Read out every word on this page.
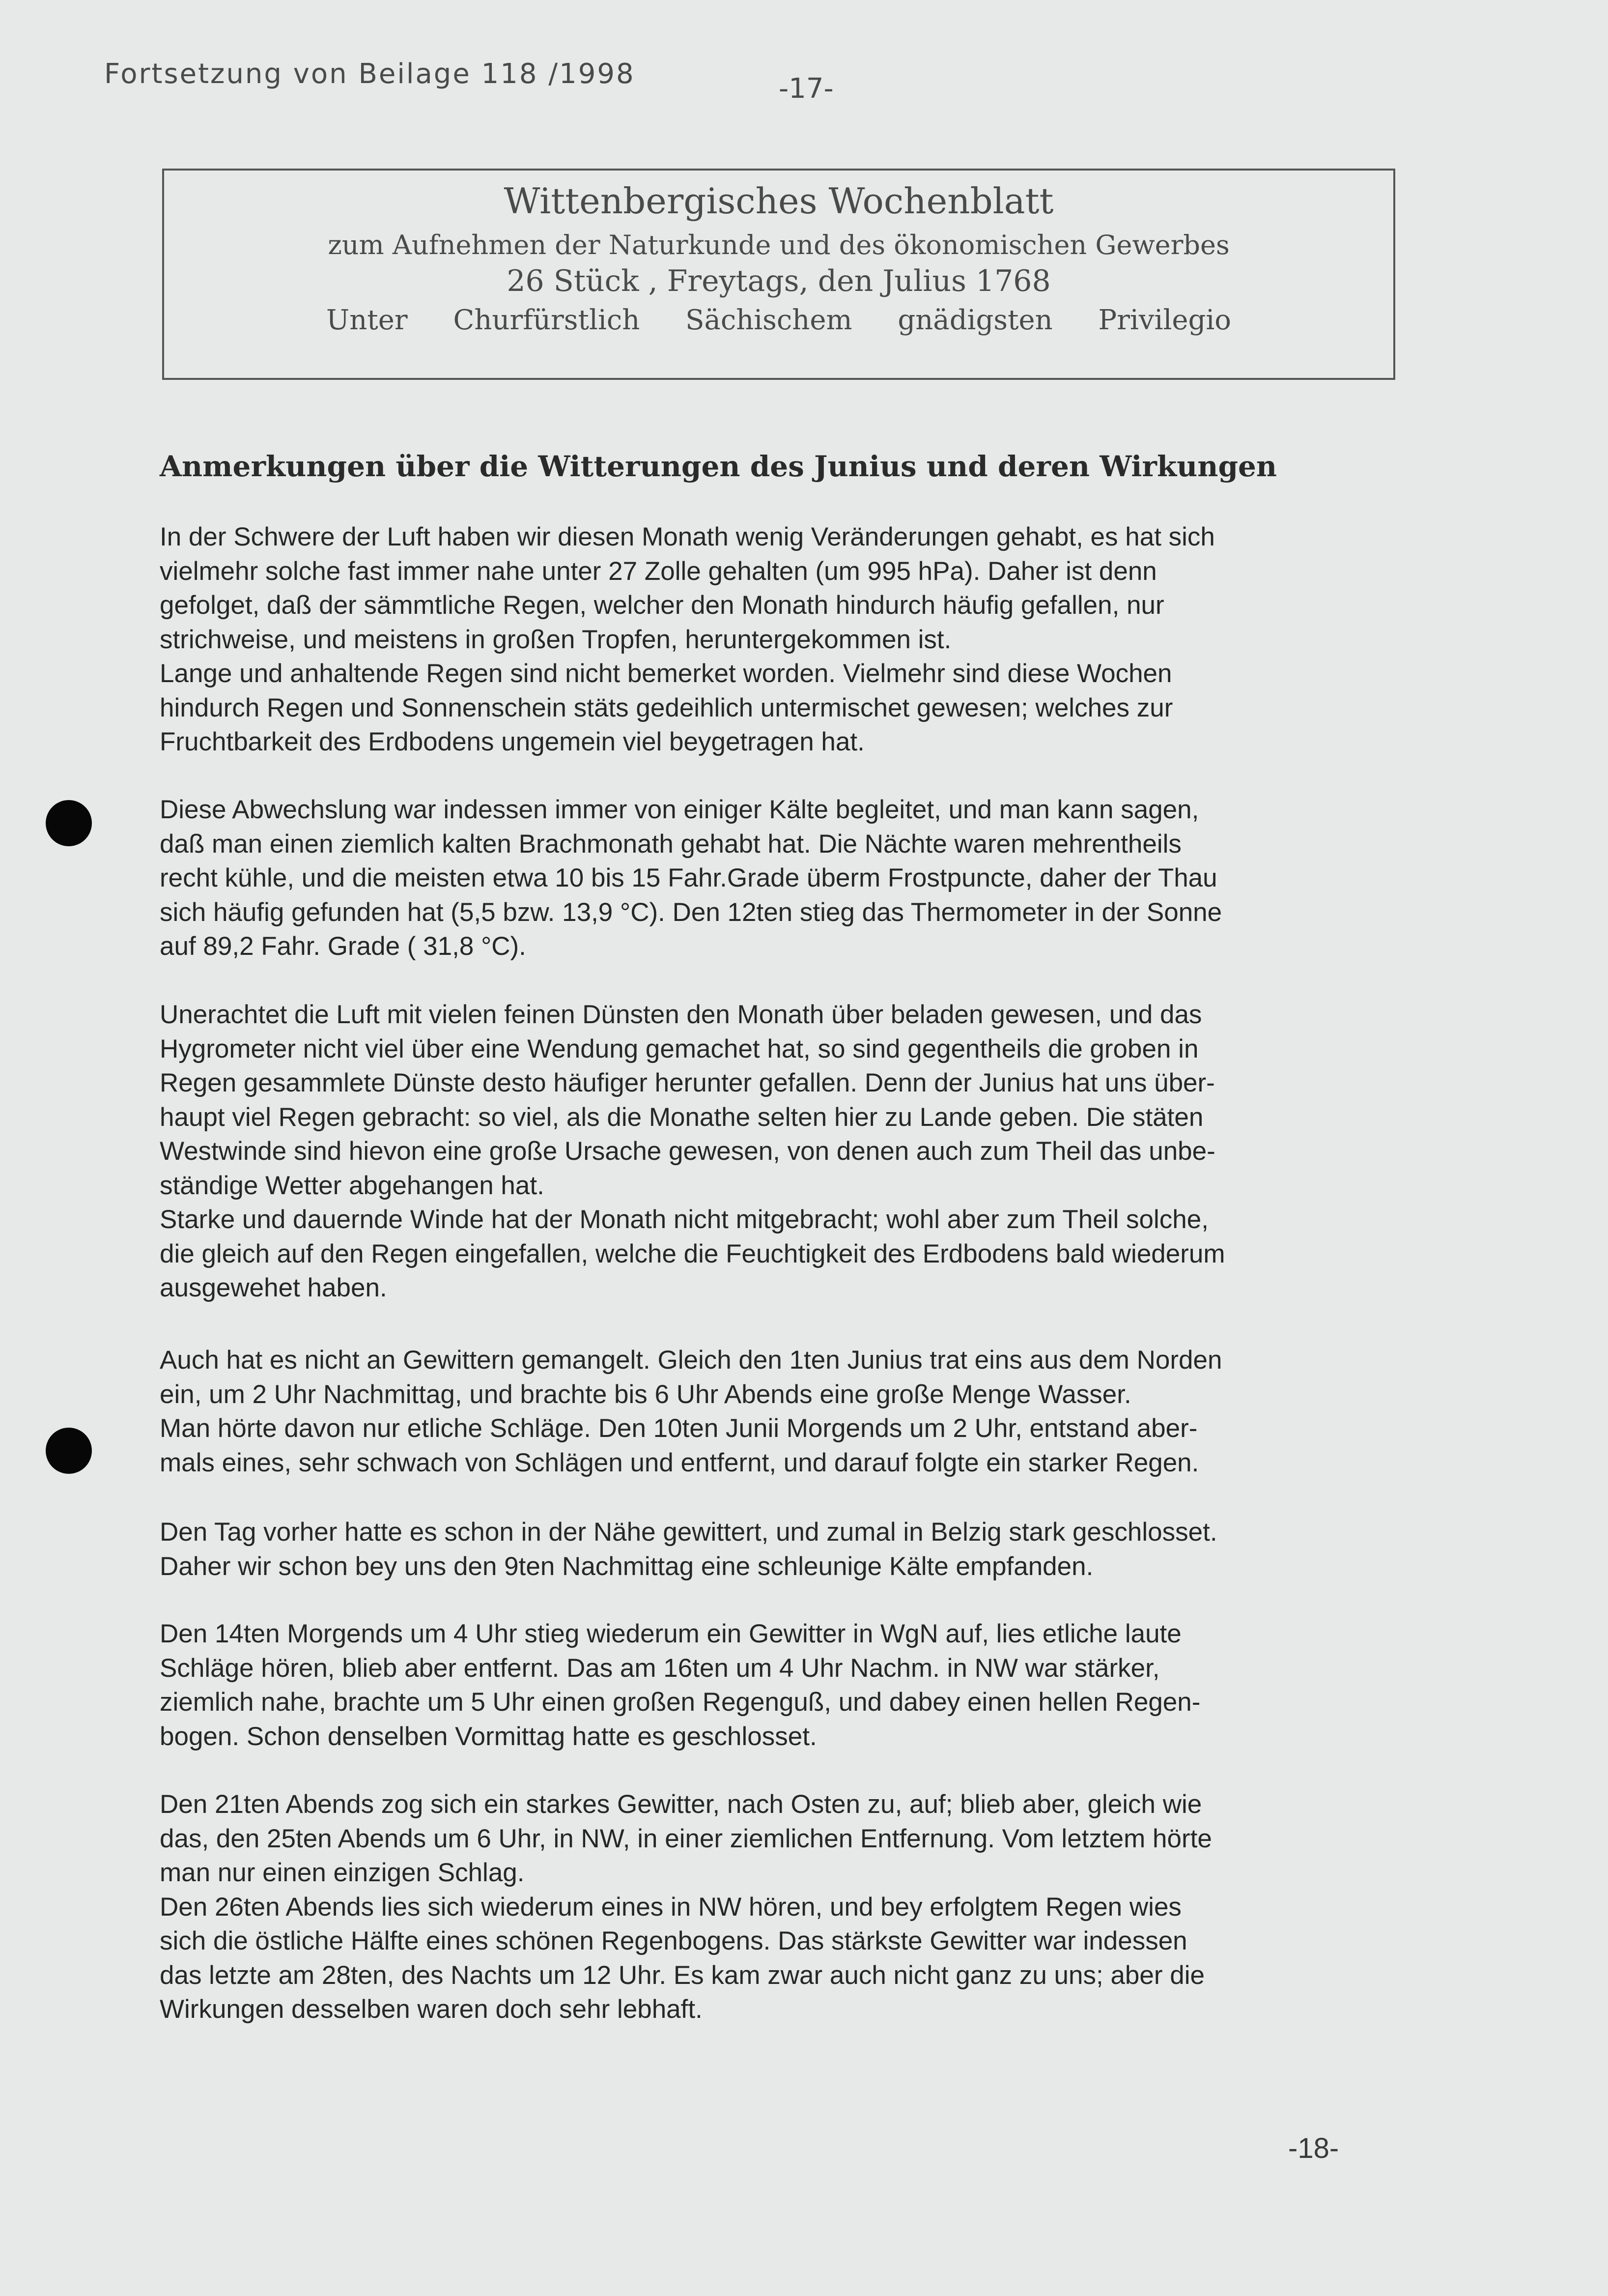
Fortsetzung von Beilage 118 /1998	-17-
Wittenbergisches Wochenblatt
zum Aufnehmen der Naturkunde und des ökonomischen Gewerbes
26 Stück , Freytags, den Julius 1768
Unter Churfürstlich Sächischem gnädigsten Privilegio
Anmerkungen über die Witterungen des Junius und deren Wirkungen
In der Schwere der Luft haben wir diesen Monath wenig Veränderungen gehabt, es hat sich
vielmehr solche fast immer nahe unter 27 Zolle gehalten (um 995 hPa). Daher ist denn
gefolget, daß der sämmtliche Regen, welcher den Monath hindurch häufig gefallen, nur
strichweise, und meistens in großen Tropfen, heruntergekommen ist.
Lange und anhaltende Regen sind nicht bemerket worden. Vielmehr sind diese Wochen
hindurch Regen und Sonnenschein stäts gedeihlich untermischet gewesen; welches zur
Fruchtbarkeit des Erdbodens ungemein viel beygetragen hat.
Diese Abwechslung war indessen immer von einiger Kälte begleitet, und man kann sagen,
daß man einen ziemlich kalten Brachmonath gehabt hat. Die Nächte waren mehrentheils
recht kühle, und die meisten etwa 10 bis 15 Fahr.Grade überm Frostpuncte, daher der Thau
sich häufig gefunden hat (5,5 bzw. 13,9 °C). Den 12ten stieg das Thermometer in der Sonne
auf 89,2 Fahr. Grade ( 31,8 °C).
Unerachtet die Luft mit vielen feinen Dünsten den Monath über beladen gewesen, und das
Hygrometer nicht viel über eine Wendung gemachet hat, so sind gegentheils die groben in
Regen gesammlete Dünste desto häufiger herunter gefallen. Denn der Junius hat uns über-
haupt viel Regen gebracht: so viel, als die Monathe selten hier zu Lande geben. Die stäten
Westwinde sind hievon eine große Ursache gewesen, von denen auch zum Theil das unbe-
ständige Wetter abgehangen hat.
Starke und dauernde Winde hat der Monath nicht mitgebracht; wohl aber zum Theil solche,
die gleich auf den Regen eingefallen, welche die Feuchtigkeit des Erdbodens bald wiederum
ausgewehet haben.
Auch hat es nicht an Gewittern gemangelt. Gleich den 1ten Junius trat eins aus dem Norden
ein, um 2 Uhr Nachmittag, und brachte bis 6 Uhr Abends eine große Menge Wasser.
Man hörte davon nur etliche Schläge. Den 10ten Junii Morgends um 2 Uhr, entstand aber-
mals eines, sehr schwach von Schlägen und entfernt, und darauf folgte ein starker Regen.
Den Tag vorher hatte es schon in der Nähe gewittert, und zumal in Belzig stark geschlosset.
Daher wir schon bey uns den 9ten Nachmittag eine schleunige Kälte empfanden.
Den 14ten Morgends um 4 Uhr stieg wiederum ein Gewitter in WgN auf, lies etliche laute
Schläge hören, blieb aber entfernt. Das am 16ten um 4 Uhr Nachm. in NW war stärker,
ziemlich nahe, brachte um 5 Uhr einen großen Regenguß, und dabey einen hellen Regen-
bogen. Schon denselben Vormittag hatte es geschlosset.
Den 21ten Abends zog sich ein starkes Gewitter, nach Osten zu, auf; blieb aber, gleich wie
das, den 25ten Abends um 6 Uhr, in NW, in einer ziemlichen Entfernung. Vom letztem hörte
man nur einen einzigen Schlag.
Den 26ten Abends lies sich wiederum eines in NW hören, und bey erfolgtem Regen wies
sich die östliche Hälfte eines schönen Regenbogens. Das stärkste Gewitter war indessen
das letzte am 28ten, des Nachts um 12 Uhr. Es kam zwar auch nicht ganz zu uns; aber die
Wirkungen desselben waren doch sehr lebhaft.
-18-
